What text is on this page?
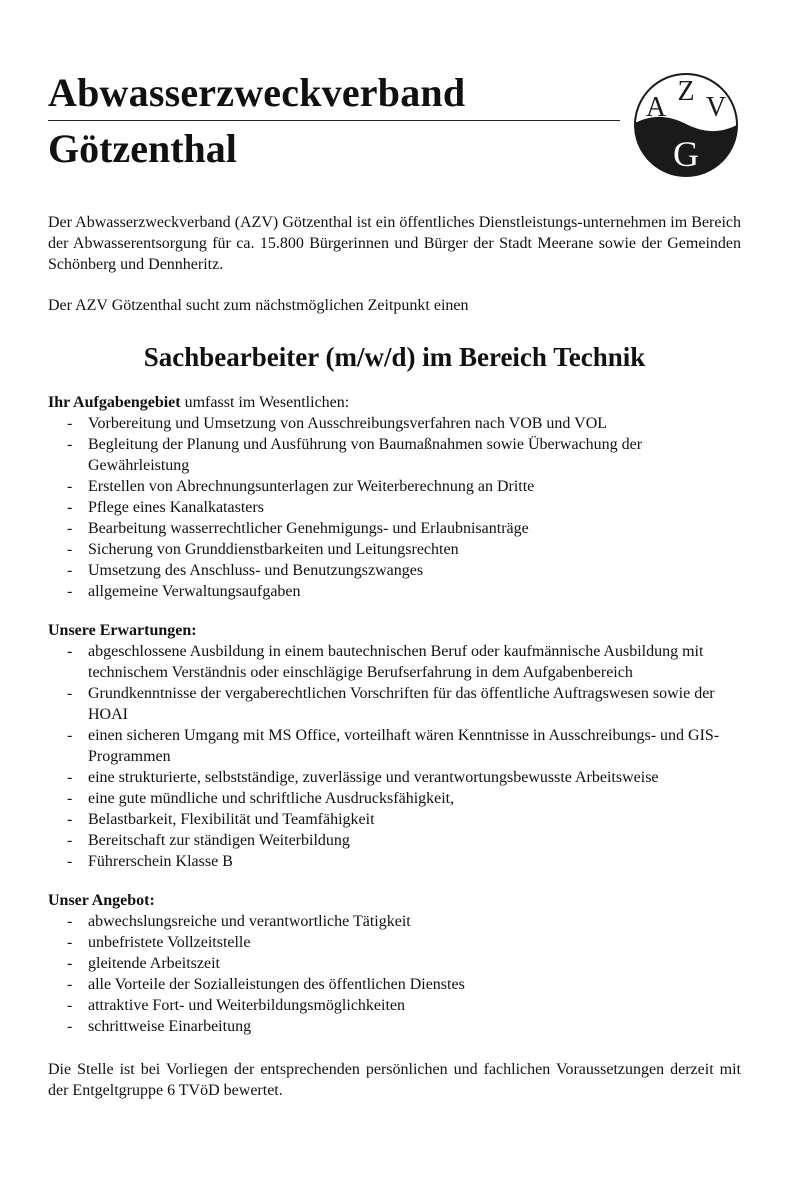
Abwasserzweckverband
Götzenthal
A
Z
V
G

Der Abwasserzweckverband (AZV) Götzenthal ist ein öffentliches Dienstleistungs-unternehmen im Bereich der Abwasserentsorgung für ca. 15.800 Bürgerinnen und Bürger der Stadt Meerane sowie der Gemeinden Schönberg und Dennheritz.

Der AZV Götzenthal sucht zum nächstmöglichen Zeitpunkt einen

Sachbearbeiter (m/w/d) im Bereich Technik

Ihr Aufgabengebiet umfasst im Wesentlichen:

- Vorbereitung und Umsetzung von Ausschreibungsverfahren nach VOB und VOL
- Begleitung der Planung und Ausführung von Baumaßnahmen sowie Überwachung der Gewährleistung
- Erstellen von Abrechnungsunterlagen zur Weiterberechnung an Dritte
- Pflege eines Kanalkatasters
- Bearbeitung wasserrechtlicher Genehmigungs- und Erlaubnisanträge
- Sicherung von Grunddienstbarkeiten und Leitungsrechten
- Umsetzung des Anschluss- und Benutzungszwanges
- allgemeine Verwaltungsaufgaben

Unsere Erwartungen:

- abgeschlossene Ausbildung in einem bautechnischen Beruf oder kaufmännische Ausbildung mit technischem Verständnis oder einschlägige Berufserfahrung in dem Aufgabenbereich
- Grundkenntnisse der vergaberechtlichen Vorschriften für das öffentliche Auftragswesen sowie der HOAI
- einen sicheren Umgang mit MS Office, vorteilhaft wären Kenntnisse in Ausschreibungs- und GIS-Programmen
- eine strukturierte, selbstständige, zuverlässige und verantwortungsbewusste Arbeitsweise
- eine gute mündliche und schriftliche Ausdrucksfähigkeit,
- Belastbarkeit, Flexibilität und Teamfähigkeit
- Bereitschaft zur ständigen Weiterbildung
- Führerschein Klasse B

Unser Angebot:

- abwechslungsreiche und verantwortliche Tätigkeit
- unbefristete Vollzeitstelle
- gleitende Arbeitszeit
- alle Vorteile der Sozialleistungen des öffentlichen Dienstes
- attraktive Fort- und Weiterbildungsmöglichkeiten
- schrittweise Einarbeitung

Die Stelle ist bei Vorliegen der entsprechenden persönlichen und fachlichen Voraussetzungen derzeit mit der Entgeltgruppe 6 TVöD bewertet.
